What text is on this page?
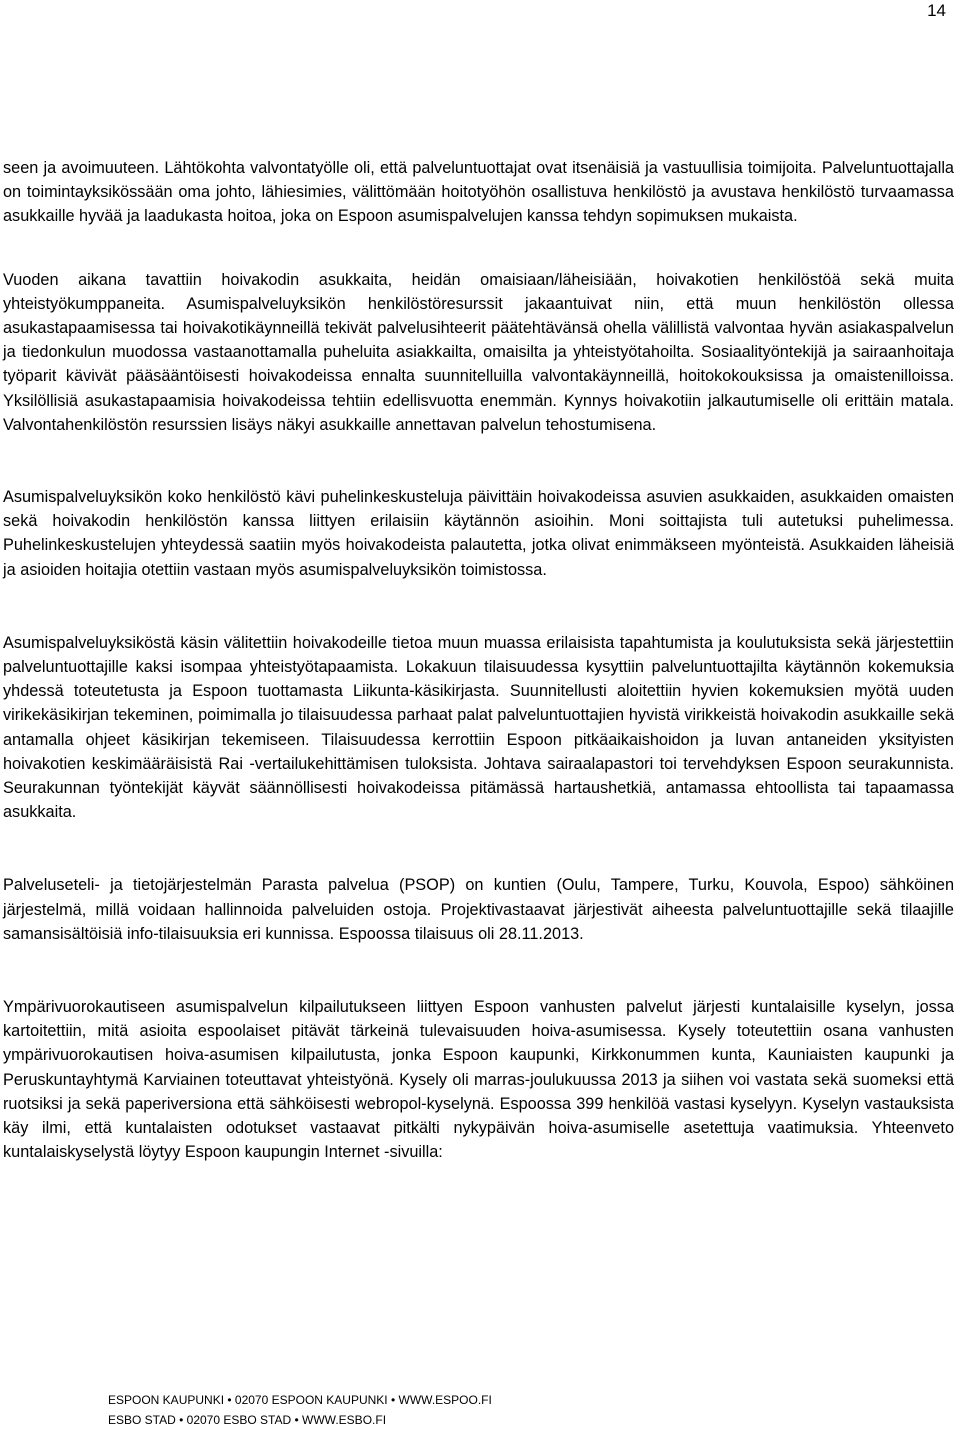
14

seen ja avoimuuteen. Lähtökohta valvontatyölle oli, että palveluntuottajat ovat itsenäisiä ja vastuullisia toimijoita. Palveluntuottajalla on toimintayksikössään oma johto, lähiesimies, välittömään hoitotyöhön osallistuva henkilöstö ja avustava henkilöstö turvaamassa asukkaille hyvää ja laadukasta hoitoa, joka on Espoon asumispalvelujen kanssa tehdyn sopimuksen mukaista.

Vuoden aikana tavattiin hoivakodin asukkaita, heidän omaisiaan/läheisiään, hoivakotien henkilöstöä sekä muita yhteistyökumppaneita. Asumispalveluyksikön henkilöstöresurssit jakaantuivat niin, että muun henkilöstön ollessa asukastapaamisessa tai hoivakotikäynneillä tekivät palvelusihteerit päätehtävänsä ohella välillistä valvontaa hyvän asiakaspalvelun ja tiedonkulun muodossa vastaanottamalla puheluita asiakkailta, omaisilta ja yhteistyötahoilta. Sosiaalityöntekijä ja sairaanhoitaja työparit kävivät pääsääntöisesti hoivakodeissa ennalta suunnitelluilla valvontakäynneillä, hoitokokouksissa ja omaistenilloissa. Yksilöllisiä asukastapaamisia hoivakodeissa tehtiin edellisvuotta enemmän. Kynnys hoivakotiin jalkautumiselle oli erittäin matala. Valvontahenkilöstön resurssien lisäys näkyi asukkaille annettavan palvelun tehostumisena.

Asumispalveluyksikön koko henkilöstö kävi puhelinkeskusteluja päivittäin hoivakodeissa asuvien asukkaiden, asukkaiden omaisten sekä hoivakodin henkilöstön kanssa liittyen erilaisiin käytännön asioihin. Moni soittajista tuli autetuksi puhelimessa. Puhelinkeskustelujen yhteydessä saatiin myös hoivakodeista palautetta, jotka olivat enimmäkseen myönteistä. Asukkaiden läheisiä ja asioiden hoitajia otettiin vastaan myös asumispalveluyksikön toimistossa.

Asumispalveluyksiköstä käsin välitettiin hoivakodeille tietoa muun muassa erilaisista tapahtumista ja koulutuksista sekä järjestettiin palveluntuottajille kaksi isompaa yhteistyötapaamista. Lokakuun tilaisuudessa kysyttiin palveluntuottajilta käytännön kokemuksia yhdessä toteutetusta ja Espoon tuottamasta Liikunta-käsikirjasta. Suunnitellusti aloitettiin hyvien kokemuksien myötä uuden virikekäsikirjan tekeminen, poimimalla jo tilaisuudessa parhaat palat palveluntuottajien hyvistä virikkeistä hoivakodin asukkaille sekä antamalla ohjeet käsikirjan tekemiseen. Tilaisuudessa kerrottiin Espoon pitkäaikaishoidon ja luvan antaneiden yksityisten hoivakotien keskimääräisistä Rai -vertailukehittämisen tuloksista. Johtava sairaalapastori toi tervehdyksen Espoon seurakunnista. Seurakunnan työntekijät käyvät säännöllisesti hoivakodeissa pitämässä hartaushetkiä, antamassa ehtoollista tai tapaamassa asukkaita.

Palveluseteli- ja tietojärjestelmän Parasta palvelua (PSOP) on kuntien (Oulu, Tampere, Turku, Kouvola, Espoo) sähköinen järjestelmä, millä voidaan hallinnoida palveluiden ostoja. Projektivastaavat järjestivät aiheesta palveluntuottajille sekä tilaajille samansisältöisiä info-tilaisuuksia eri kunnissa. Espoossa tilaisuus oli 28.11.2013.

Ympärivuorokautiseen asumispalvelun kilpailutukseen liittyen Espoon vanhusten palvelut järjesti kuntalaisille kyselyn, jossa kartoitettiin, mitä asioita espoolaiset pitävät tärkeinä tulevaisuuden hoiva-asumisessa. Kysely toteutettiin osana vanhusten ympärivuorokautisen hoiva-asumisen kilpailutusta, jonka Espoon kaupunki, Kirkkonummen kunta, Kauniaisten kaupunki ja Peruskuntayhtymä Karviainen toteuttavat yhteistyönä. Kysely oli marras-joulukuussa 2013 ja siihen voi vastata sekä suomeksi että ruotsiksi ja sekä paperiversiona että sähköisesti webropol-kyselynä. Espoossa 399 henkilöä vastasi kyselyyn. Kyselyn vastauksista käy ilmi, että kuntalaisten odotukset vastaavat pitkälti nykypäivän hoiva-asumiselle asetettuja vaatimuksia. Yhteenveto kuntalaiskyselystä löytyy Espoon kaupungin Internet -sivuilla:

ESPOON KAUPUNKI • 02070 ESPOON KAUPUNKI • WWW.ESPOO.FI
ESBO STAD • 02070 ESBO STAD • WWW.ESBO.FI
